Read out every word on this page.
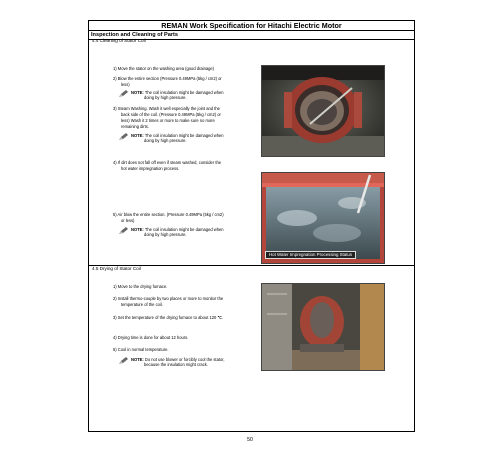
REMAN Work Specification for Hitachi Electric Motor
Inspection and Cleaning of Parts
4.4 Cleaning of Stator Coil
1) Move the stator on the washing area (good drainage)
2) Blow the entire section (Pressure 0.49MPa (5kg / cm2) or
less)
NOTE: The coil insulation might be damaged when
doing by high pressure.
3) Steam Washing. Wash it well especially the joint and the
back side of the coil. (Pressure 0.49MPa (5kg / cm2) or
less) Wash it 2 times or more to make sure no more
remaining dirts.
NOTE: The coil insulation might be damaged when
doing by high pressure.
4) If dirt does not fall off even if steam washed, consider the
hot water impregnation process.
5) Air blow the entire section. (Pressure 0.49MPa (5kg / cm2)
or less)
NOTE: The coil insulation might be damaged when
doing by high pressure.
Hot Water Impregnation Processing Status
4.5 Drying of Stator Coil
1) Move to the drying furnace.
2) Install thermo-couple by two places or more to monitor the
temperature of the coil.
3) Set the temperature of the drying furnace to about 120 ℃.
4) Drying time is done for about 12 hours.
5) Cool in normal temperature.
NOTE: Do not use blower or forcibly cool the stator,
because the insulation might crack.
50
